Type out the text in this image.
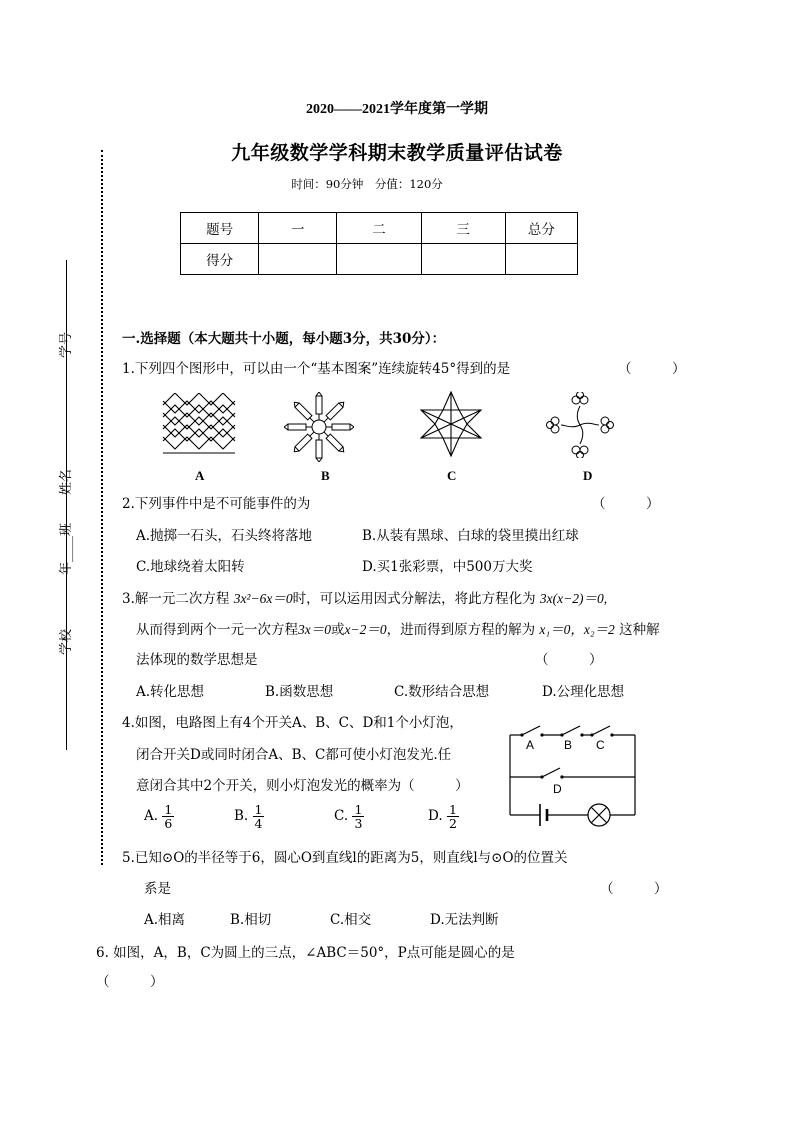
2020——2021学年度第一学期
九年级数学学科期末教学质量评估试卷
时间：90分钟　分值：120分
题号	一	二	三	总分
得分				
学号
年____班
姓名
学校
一.选择题（本大题共十小题，每小题3分，共30分）：
1.下列四个图形中，可以由一个“基本图案”连续旋转45°得到的是	（　　　）
A	B	C	D
2.下列事件中是不可能事件的为	（　　　）
A.抛掷一石头，石头终将落地	B.从装有黑球、白球的袋里摸出红球
C.地球绕着太阳转	D.买1张彩票，中500万大奖
3.解一元二次方程 3x²−6x＝0时，可以运用因式分解法，将此方程化为 3x(x−2)＝0,
从而得到两个一元一次方程3x＝0或x−2＝0，进而得到原方程的解为 x₁＝0，x₂＝2 这种解
法体现的数学思想是	（　　　）
A.转化思想	B.函数思想	C.数形结合思想	D.公理化思想
4.如图，电路图上有4个开关A、B、C、D和1个小灯泡，
闭合开关D或同时闭合A、B、C都可使小灯泡发光.任
意闭合其中2个开关，则小灯泡发光的概率为（　　　）
A. $\frac{1}{6}$	B. $\frac{1}{4}$	C. $\frac{1}{3}$	D. $\frac{1}{2}$
A B C
D
5.已知⊙O的半径等于6，圆心O到直线l的距离为5，则直线l与⊙O的位置关
系是	（　　　）
A.相离	B.相切	C.相交	D.无法判断
6. 如图，A，B，C为圆上的三点，∠ABC＝50°，P点可能是圆心的是
（　　　）
